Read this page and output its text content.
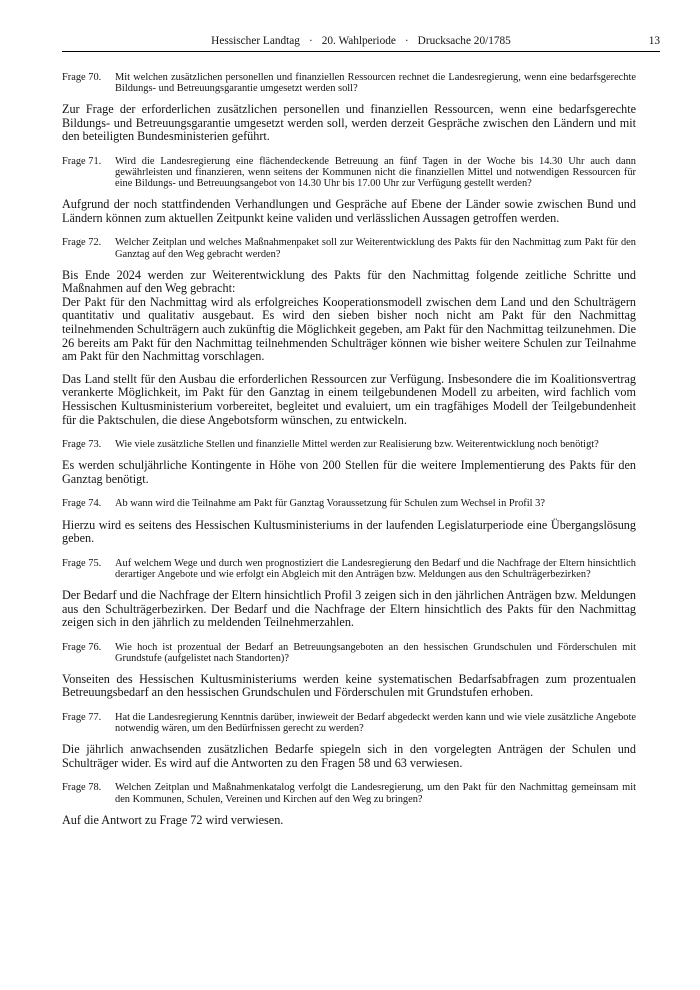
Hessischer Landtag · 20. Wahlperiode · Drucksache 20/1785	13
Frage 70.	Mit welchen zusätzlichen personellen und finanziellen Ressourcen rechnet die Landesregierung, wenn eine bedarfsgerechte Bildungs- und Betreuungsgarantie umgesetzt werden soll?

Zur Frage der erforderlichen zusätzlichen personellen und finanziellen Ressourcen, wenn eine bedarfsgerechte Bildungs- und Betreuungsgarantie umgesetzt werden soll, werden derzeit Gespräche zwischen den Ländern und mit den beteiligten Bundesministerien geführt.

Frage 71.	Wird die Landesregierung eine flächendeckende Betreuung an fünf Tagen in der Woche bis 14.30 Uhr auch dann gewährleisten und finanzieren, wenn seitens der Kommunen nicht die finanziellen Mittel und notwendigen Ressourcen für eine Bildungs- und Betreuungsangebot von 14.30 Uhr bis 17.00 Uhr zur Verfügung gestellt werden?

Aufgrund der noch stattfindenden Verhandlungen und Gespräche auf Ebene der Länder sowie zwischen Bund und Ländern können zum aktuellen Zeitpunkt keine validen und verlässlichen Aussagen getroffen werden.

Frage 72.	Welcher Zeitplan und welches Maßnahmenpaket soll zur Weiterentwicklung des Pakts für den Nachmittag zum Pakt für den Ganztag auf den Weg gebracht werden?

Bis Ende 2024 werden zur Weiterentwicklung des Pakts für den Nachmittag folgende zeitliche Schritte und Maßnahmen auf den Weg gebracht:

Der Pakt für den Nachmittag wird als erfolgreiches Kooperationsmodell zwischen dem Land und den Schulträgern quantitativ und qualitativ ausgebaut. Es wird den sieben bisher noch nicht am Pakt für den Nachmittag teilnehmenden Schulträgern auch zukünftig die Möglichkeit gegeben, am Pakt für den Nachmittag teilzunehmen. Die 26 bereits am Pakt für den Nachmittag teilnehmenden Schulträger können wie bisher weitere Schulen zur Teilnahme am Pakt für den Nachmittag vorschlagen.

Das Land stellt für den Ausbau die erforderlichen Ressourcen zur Verfügung. Insbesondere die im Koalitionsvertrag verankerte Möglichkeit, im Pakt für den Ganztag in einem teilgebundenen Modell zu arbeiten, wird fachlich vom Hessischen Kultusministerium vorbereitet, begleitet und evaluiert, um ein tragfähiges Modell der Teilgebundenheit für die Paktschulen, die diese Angebotsform wünschen, zu entwickeln.

Frage 73.	Wie viele zusätzliche Stellen und finanzielle Mittel werden zur Realisierung bzw. Weiterentwicklung noch benötigt?

Es werden schuljährliche Kontingente in Höhe von 200 Stellen für die weitere Implementierung des Pakts für den Ganztag benötigt.

Frage 74.	Ab wann wird die Teilnahme am Pakt für Ganztag Voraussetzung für Schulen zum Wechsel in Profil 3?

Hierzu wird es seitens des Hessischen Kultusministeriums in der laufenden Legislaturperiode eine Übergangslösung geben.

Frage 75.	Auf welchem Wege und durch wen prognostiziert die Landesregierung den Bedarf und die Nachfrage der Eltern hinsichtlich derartiger Angebote und wie erfolgt ein Abgleich mit den Anträgen bzw. Meldungen aus den Schulträgerbezirken?

Der Bedarf und die Nachfrage der Eltern hinsichtlich Profil 3 zeigen sich in den jährlichen Anträgen bzw. Meldungen aus den Schulträgerbezirken. Der Bedarf und die Nachfrage der Eltern hinsichtlich des Pakts für den Nachmittag zeigen sich in den jährlich zu meldenden Teilnehmerzahlen.

Frage 76.	Wie hoch ist prozentual der Bedarf an Betreuungsangeboten an den hessischen Grundschulen und Förderschulen mit Grundstufe (aufgelistet nach Standorten)?

Vonseiten des Hessischen Kultusministeriums werden keine systematischen Bedarfsabfragen zum prozentualen Betreuungsbedarf an den hessischen Grundschulen und Förderschulen mit Grundstufen erhoben.

Frage 77.	Hat die Landesregierung Kenntnis darüber, inwieweit der Bedarf abgedeckt werden kann und wie viele zusätzliche Angebote notwendig wären, um den Bedürfnissen gerecht zu werden?

Die jährlich anwachsenden zusätzlichen Bedarfe spiegeln sich in den vorgelegten Anträgen der Schulen und Schulträger wider. Es wird auf die Antworten zu den Fragen 58 und 63 verwiesen.

Frage 78.	Welchen Zeitplan und Maßnahmenkatalog verfolgt die Landesregierung, um den Pakt für den Nachmittag gemeinsam mit den Kommunen, Schulen, Vereinen und Kirchen auf den Weg zu bringen?

Auf die Antwort zu Frage 72 wird verwiesen.
